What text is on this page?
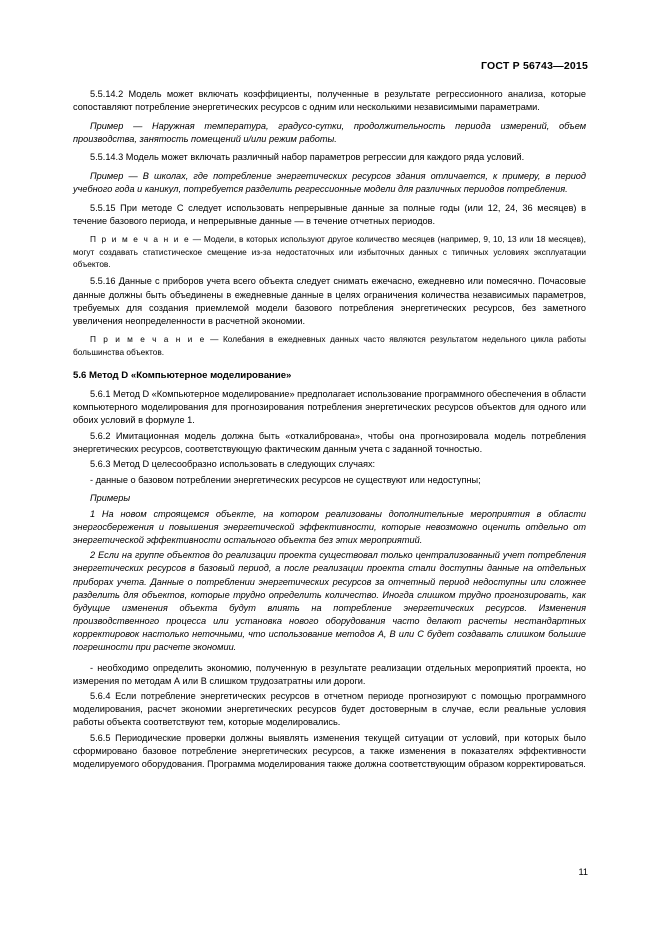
ГОСТ Р 56743—2015

5.5.14.2 Модель может включать коэффициенты, полученные в результате регрессионного анализа, которые сопоставляют потребление энергетических ресурсов с одним или несколькими независимыми параметрами.

Пример — Наружная температура, градусо-сутки, продолжительность периода измерений, объем производства, занятость помещений и/или режим работы.

5.5.14.3 Модель может включать различный набор параметров регрессии для каждого ряда условий.

Пример — В школах, где потребление энергетических ресурсов здания отличается, к примеру, в период учебного года и каникул, потребуется разделить регрессионные модели для различных периодов потребления.

5.5.15 При методе С следует использовать непрерывные данные за полные годы (или 12, 24, 36 месяцев) в течение базового периода, и непрерывные данные — в течение отчетных периодов.

П р и м е ч а н и е — Модели, в которых используют другое количество месяцев (например, 9, 10, 13 или 18 месяцев), могут создавать статистическое смещение из-за недостаточных или избыточных данных с типичных условиях эксплуатации объектов.

5.5.16 Данные с приборов учета всего объекта следует снимать ежечасно, ежедневно или помесячно. Почасовые данные должны быть объединены в ежедневные данные в целях ограничения количества независимых параметров, требуемых для создания приемлемой модели базового потребления энергетических ресурсов, без заметного увеличения неопределенности в расчетной экономии.

П р и м е ч а н и е — Колебания в ежедневных данных часто являются результатом недельного цикла работы большинства объектов.

5.6 Метод D «Компьютерное моделирование»

5.6.1 Метод D «Компьютерное моделирование» предполагает использование программного обеспечения в области компьютерного моделирования для прогнозирования потребления энергетических ресурсов объектов для одного или обоих условий в формуле 1.

5.6.2 Имитационная модель должна быть «откалибрована», чтобы она прогнозировала модель потребления энергетических ресурсов, соответствующую фактическим данным учета с заданной точностью.

5.6.3 Метод D целесообразно использовать в следующих случаях:

- данные о базовом потреблении энергетических ресурсов не существуют или недоступны;

Примеры

1 На новом строящемся объекте, на котором реализованы дополнительные мероприятия в области энергосбережения и повышения энергетической эффективности, которые невозможно оценить отдельно от энергетической эффективности остального объекта без этих мероприятий.

2 Если на группе объектов до реализации проекта существовал только централизованный учет потребления энергетических ресурсов в базовый период, а после реализации проекта стали доступны данные на отдельных приборах учета. Данные о потреблении энергетических ресурсов за отчетный период недоступны или сложнее разделить для объектов, которые трудно определить количество. Иногда слишком трудно прогнозировать, как будущие изменения объекта будут влиять на потребление энергетических ресурсов. Изменения производственного процесса или установка нового оборудования часто делают расчеты нестандартных корректировок настолько неточными, что использование методов А, В или С будет создавать слишком большие погрешности при расчете экономии.

- необходимо определить экономию, полученную в результате реализации отдельных мероприятий проекта, но измерения по методам А или В слишком трудозатратны или дороги.

5.6.4 Если потребление энергетических ресурсов в отчетном периоде прогнозируют с помощью программного моделирования, расчет экономии энергетических ресурсов будет достоверным в случае, если реальные условия работы объекта соответствуют тем, которые моделировались.

5.6.5 Периодические проверки должны выявлять изменения текущей ситуации от условий, при которых было сформировано базовое потребление энергетических ресурсов, а также изменения в показателях эффективности моделируемого оборудования. Программа моделирования также должна соответствующим образом корректироваться.

11
